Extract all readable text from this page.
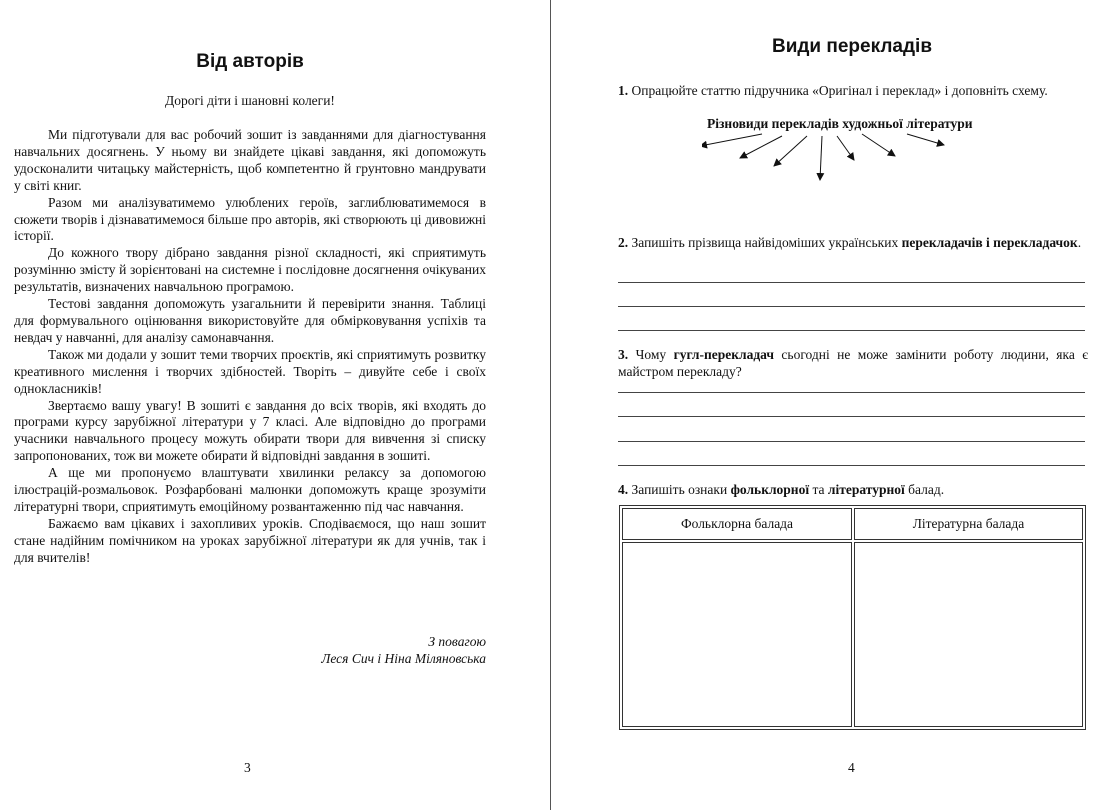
Від авторів
Дорогі діти і шановні колеги!

Ми підготували для вас робочий зошит із завданнями для діагностування навчальних досягнень. У ньому ви знайдете цікаві завдання, які допоможуть удосконалити читацьку майстерність, щоб компетентно й грунтовно мандрувати у світі книг.

Разом ми аналізуватимемо улюблених героїв, заглиблюватимемося в сюжети творів і дізнаватимемося більше про авторів, які створюють ці дивовижні історії.

До кожного твору дібрано завдання різної складності, які сприятимуть розумінню змісту й зорієнтовані на системне і послідовне досягнення очікуваних результатів, визначених навчальною програмою.

Тестові завдання допоможуть узагальнити й перевірити знання. Таблиці для формувального оцінювання використовуйте для обмірковування успіхів та невдач у навчанні, для аналізу самонавчання.

Також ми додали у зошит теми творчих проєктів, які сприятимуть розвитку креативного мислення і творчих здібностей. Творіть – дивуйте себе і своїх однокласників!

Звертаємо вашу увагу! В зошиті є завдання до всіх творів, які входять до програми курсу зарубіжної літератури у 7 класі. Але відповідно до програми учасники навчального процесу можуть обирати твори для вивчення зі списку запропонованих, тож ви можете обирати й відповідні завдання в зошиті.

А ще ми пропонуємо влаштувати хвилинки релаксу за допомогою ілюстрацій-розмальовок. Розфарбовані малюнки допоможуть краще зрозуміти літературні твори, сприятимуть емоційному розвантаженню під час навчання.

Бажаємо вам цікавих і захопливих уроків. Сподіваємося, що наш зошит стане надійним помічником на уроках зарубіжної літератури як для учнів, так і для вчителів!

З повагою
Леся Сич і Ніна Міляновська
3
Види перекладів
1. Опрацюйте статтю підручника «Оригінал і переклад» і доповніть схему.
Різновиди перекладів художньої літератури
2. Запишіть прізвища найвідоміших українських перекладачів і перекладачок.
3. Чому гугл-перекладач сьогодні не може замінити роботу людини, яка є майстром перекладу?
4. Запишіть ознаки фольклорної та літературної балад.
Фольклорна балада	Літературна балада

4
